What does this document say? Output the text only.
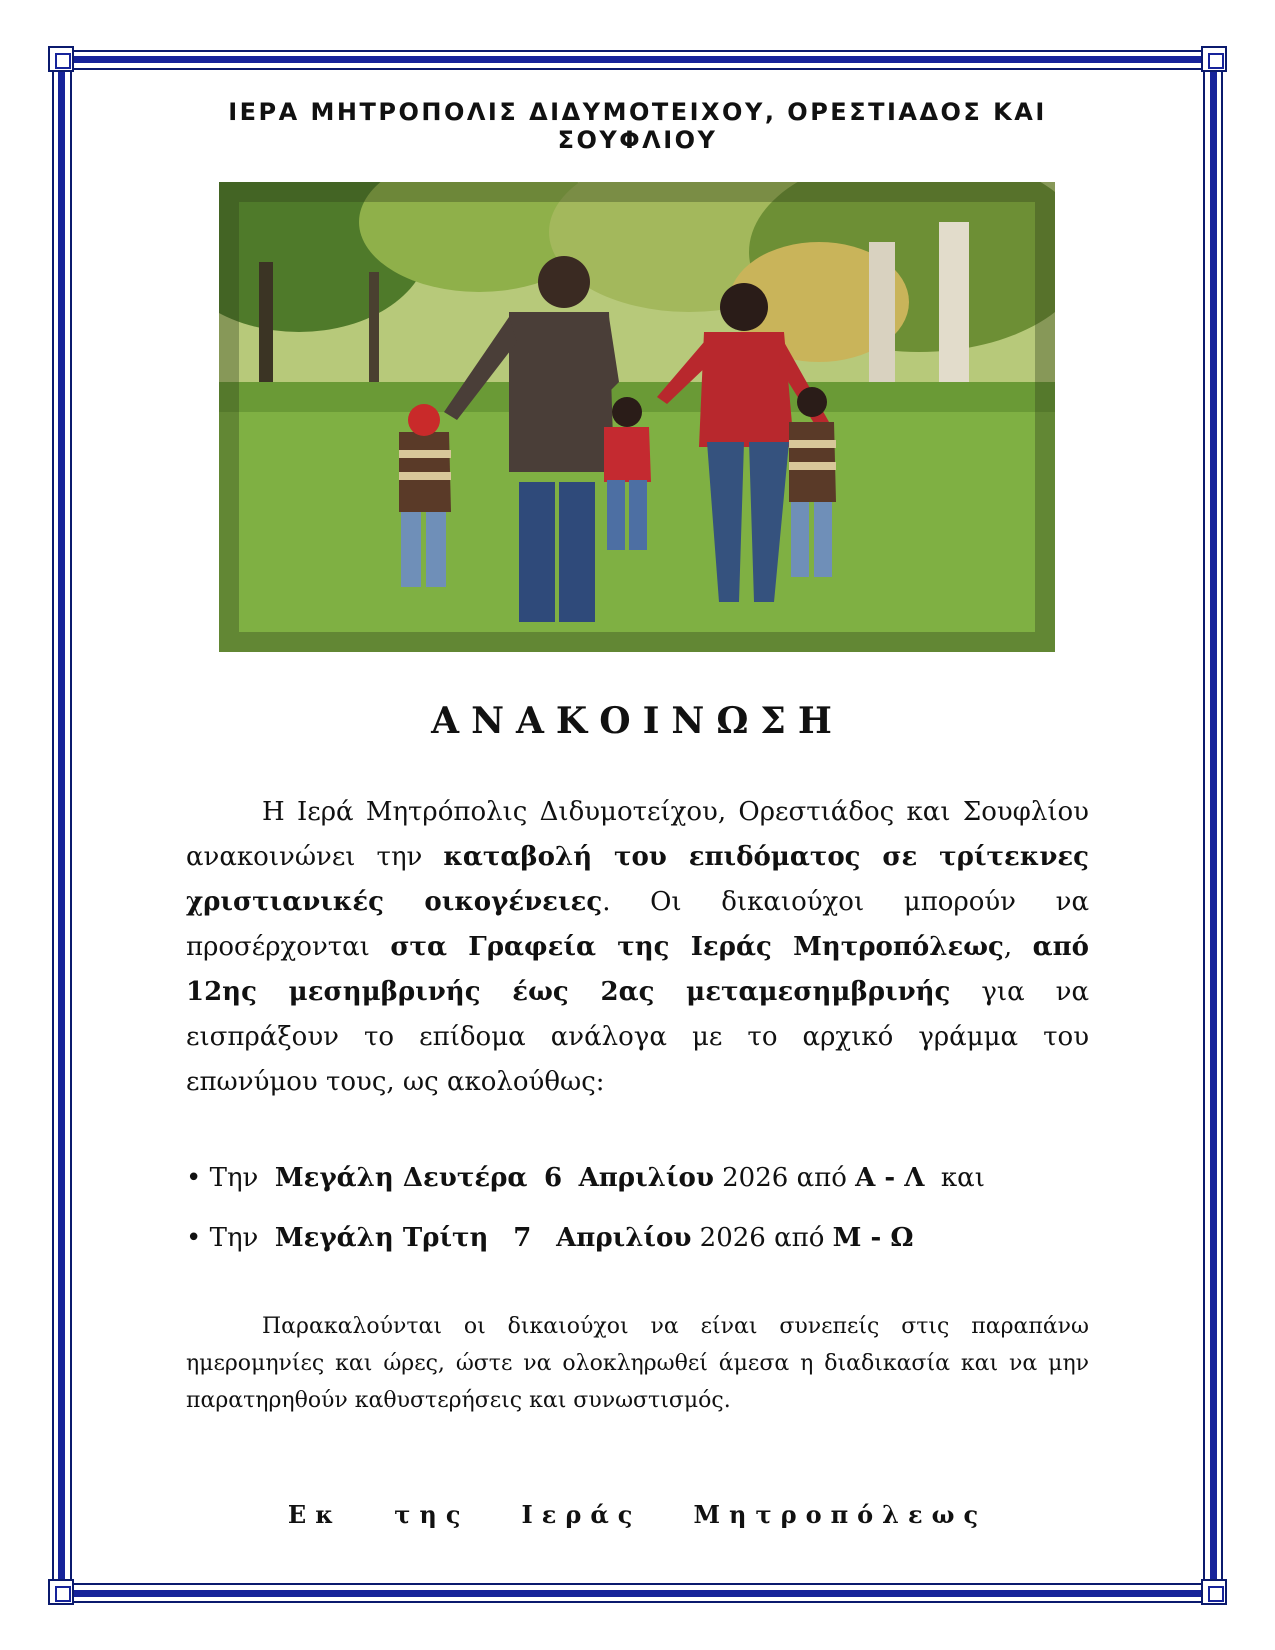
ΙΕΡΑ ΜΗΤΡΟΠΟΛΙΣ ΔΙΔΥΜΟΤΕΙΧΟΥ, ΟΡΕΣΤΙΑΔΟΣ ΚΑΙ ΣΟΥΦΛΙΟΥ
ΑΝΑΚΟΙΝΩΣΗ

Η Ιερά Μητρόπολις Διδυμοτείχου, Ορεστιάδος και Σουφλίου ανακοινώνει την καταβολή του επιδόματος σε τρίτεκνες χριστιανικές οικογένειες. Οι δικαιούχοι μπορούν να προσέρχονται στα Γραφεία της Ιεράς Μητροπόλεως, από 12ης μεσημβρινής έως 2ας μεταμεσημβρινής για να εισπράξουν το επίδομα ανάλογα με το αρχικό γράμμα του επωνύμου τους, ως ακολούθως:

• Την Μεγάλη Δευτέρα 6 Απριλίου 2026 από Α - Λ και
• Την Μεγάλη Τρίτη 7 Απριλίου 2026 από Μ - Ω

Παρακαλούνται οι δικαιούχοι να είναι συνεπείς στις παραπάνω ημερομηνίες και ώρες, ώστε να ολοκληρωθεί άμεσα η διαδικασία και να μην παρατηρηθούν καθυστερήσεις και συνωστισμός.

Εκ   της   Ιεράς   Μητροπόλεως
